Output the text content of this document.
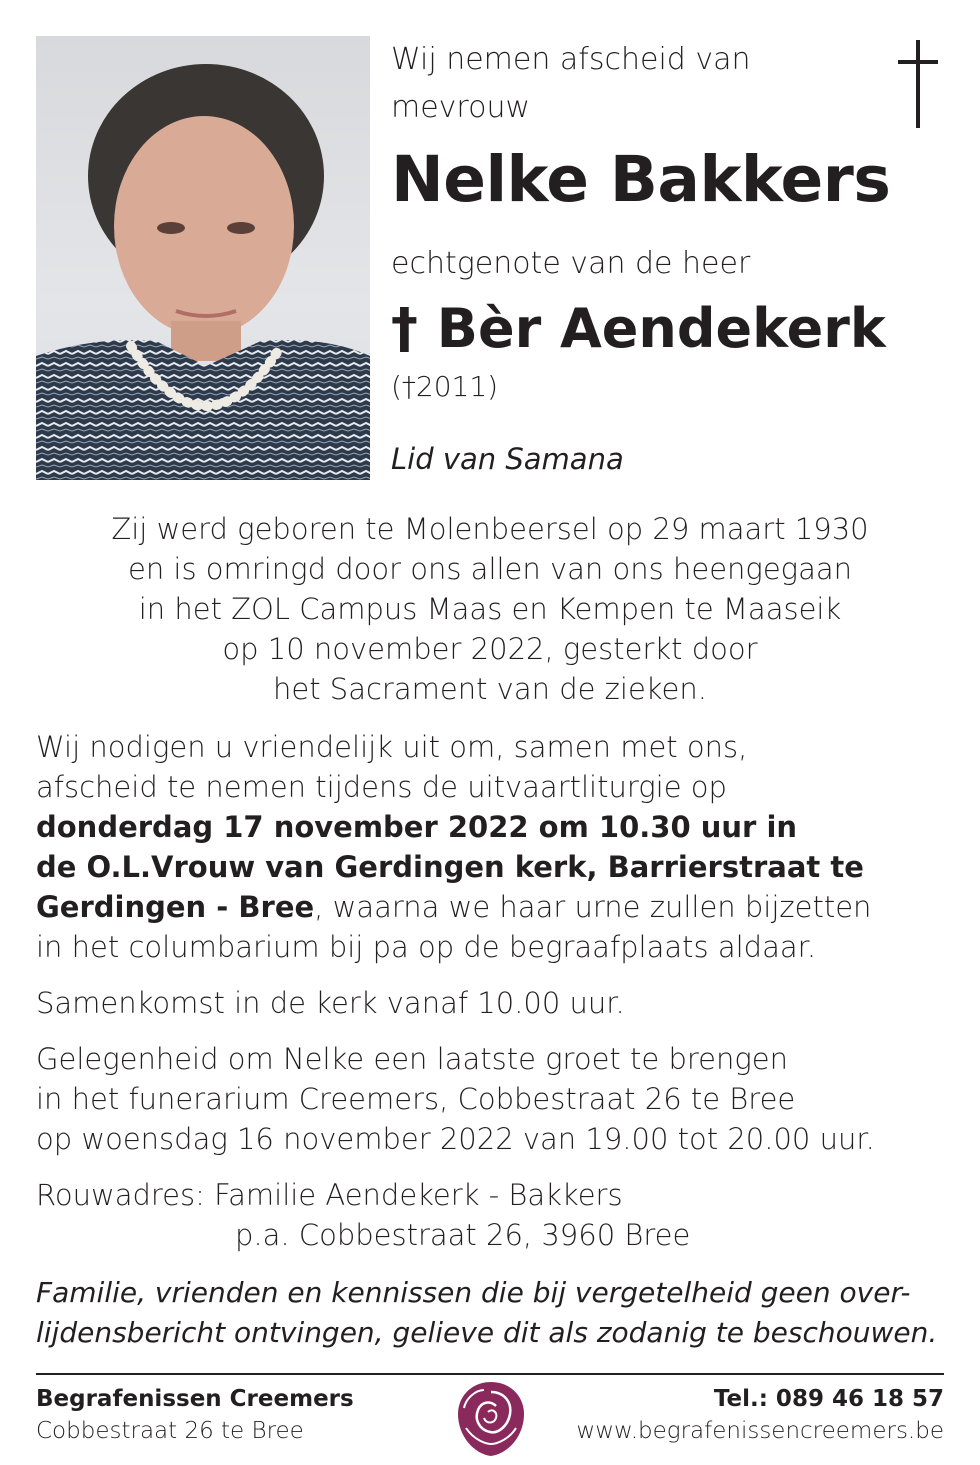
Wij nemen afscheid van mevrouw
Nelke Bakkers
echtgenote van de heer
† Bèr Aendekerk
(†2011)
Lid van Samana
Zij werd geboren te Molenbeersel op 29 maart 1930
en is omringd door ons allen van ons heengegaan
in het ZOL Campus Maas en Kempen te Maaseik
op 10 november 2022, gesterkt door
het Sacrament van de zieken.
Wij nodigen u vriendelijk uit om, samen met ons,
afscheid te nemen tijdens de uitvaartliturgie op
donderdag 17 november 2022 om 10.30 uur in
de O.L.Vrouw van Gerdingen kerk, Barrierstraat te
Gerdingen - Bree, waarna we haar urne zullen bijzetten
in het columbarium bij pa op de begraafplaats aldaar.
Samenkomst in de kerk vanaf 10.00 uur.
Gelegenheid om Nelke een laatste groet te brengen
in het funerarium Creemers, Cobbestraat 26 te Bree
op woensdag 16 november 2022 van 19.00 tot 20.00 uur.
Rouwadres: Familie Aendekerk - Bakkers
p.a. Cobbestraat 26, 3960 Bree
Familie, vrienden en kennissen die bij vergetelheid geen over-
lijdensbericht ontvingen, gelieve dit als zodanig te beschouwen.
Begrafenissen Creemers
Cobbestraat 26 te Bree
Tel.: 089 46 18 57
www.begrafenissencreemers.be
